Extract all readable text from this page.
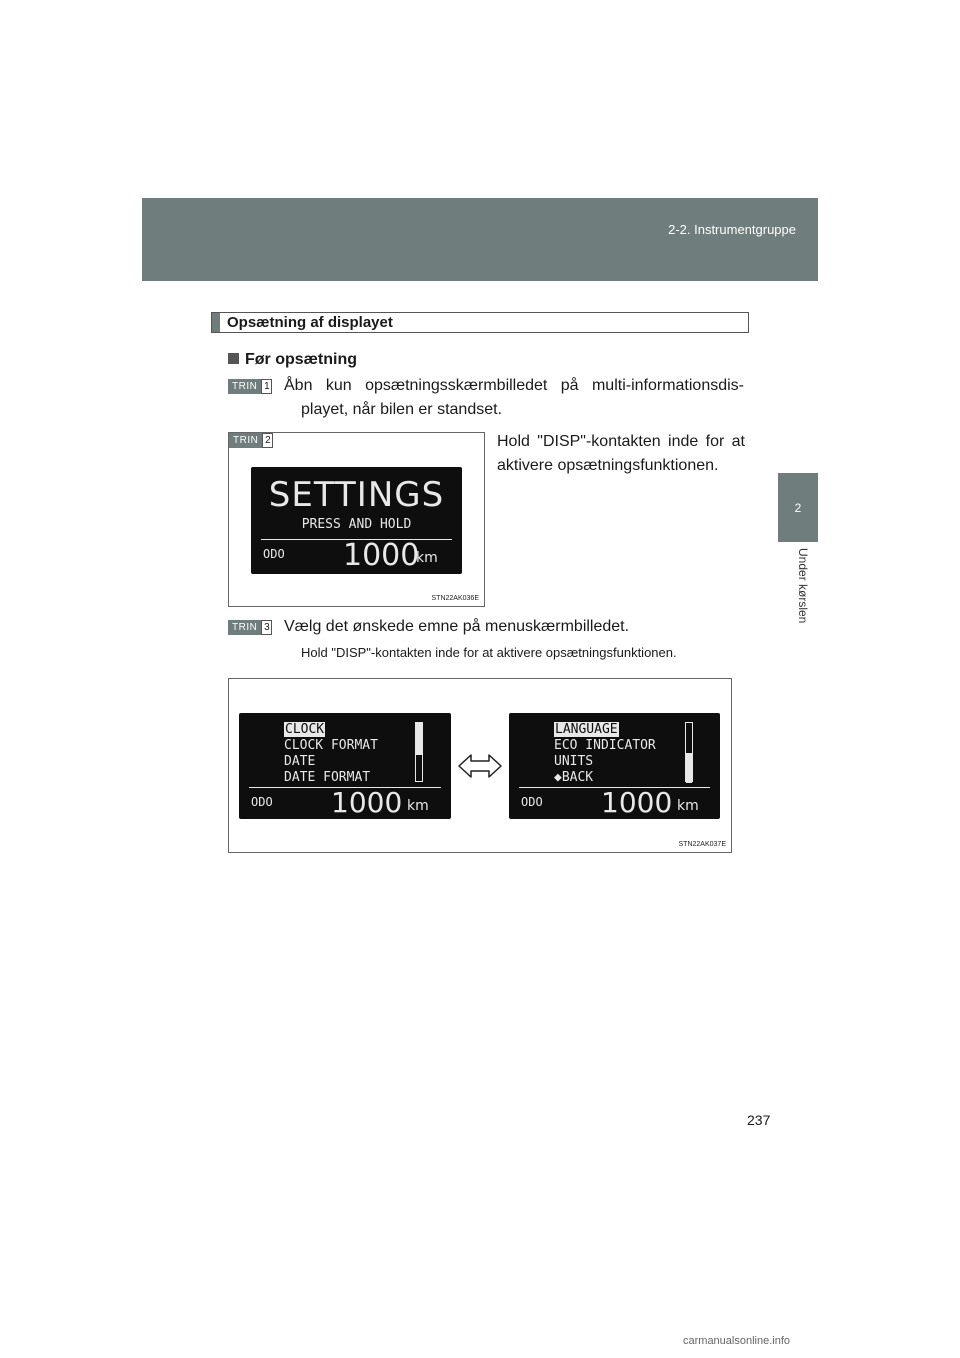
2-2. Instrumentgruppe
2
Under kørslen
Opsætning af displayet
Før opsætning
TRIN 1 Åbn kun opsætningsskærmbilledet på multi-informationsdis-
playet, når bilen er standset.
TRIN 2
SETTINGS
PRESS AND HOLD
ODO 1000
km
STN22AK036E
Hold "DISP"-kontakten inde for at
aktivere opsætningsfunktionen.
TRIN 3 Vælg det ønskede emne på menuskærmbilledet.
Hold "DISP"-kontakten inde for at aktivere opsætningsfunktionen.
CLOCK
CLOCK FORMAT
DATE
DATE FORMAT
ODO 1000 km
LANGUAGE
ECO INDICATOR
UNITS
◆BACK
ODO 1000 km
STN22AK037E
237
carmanualsonline.info
